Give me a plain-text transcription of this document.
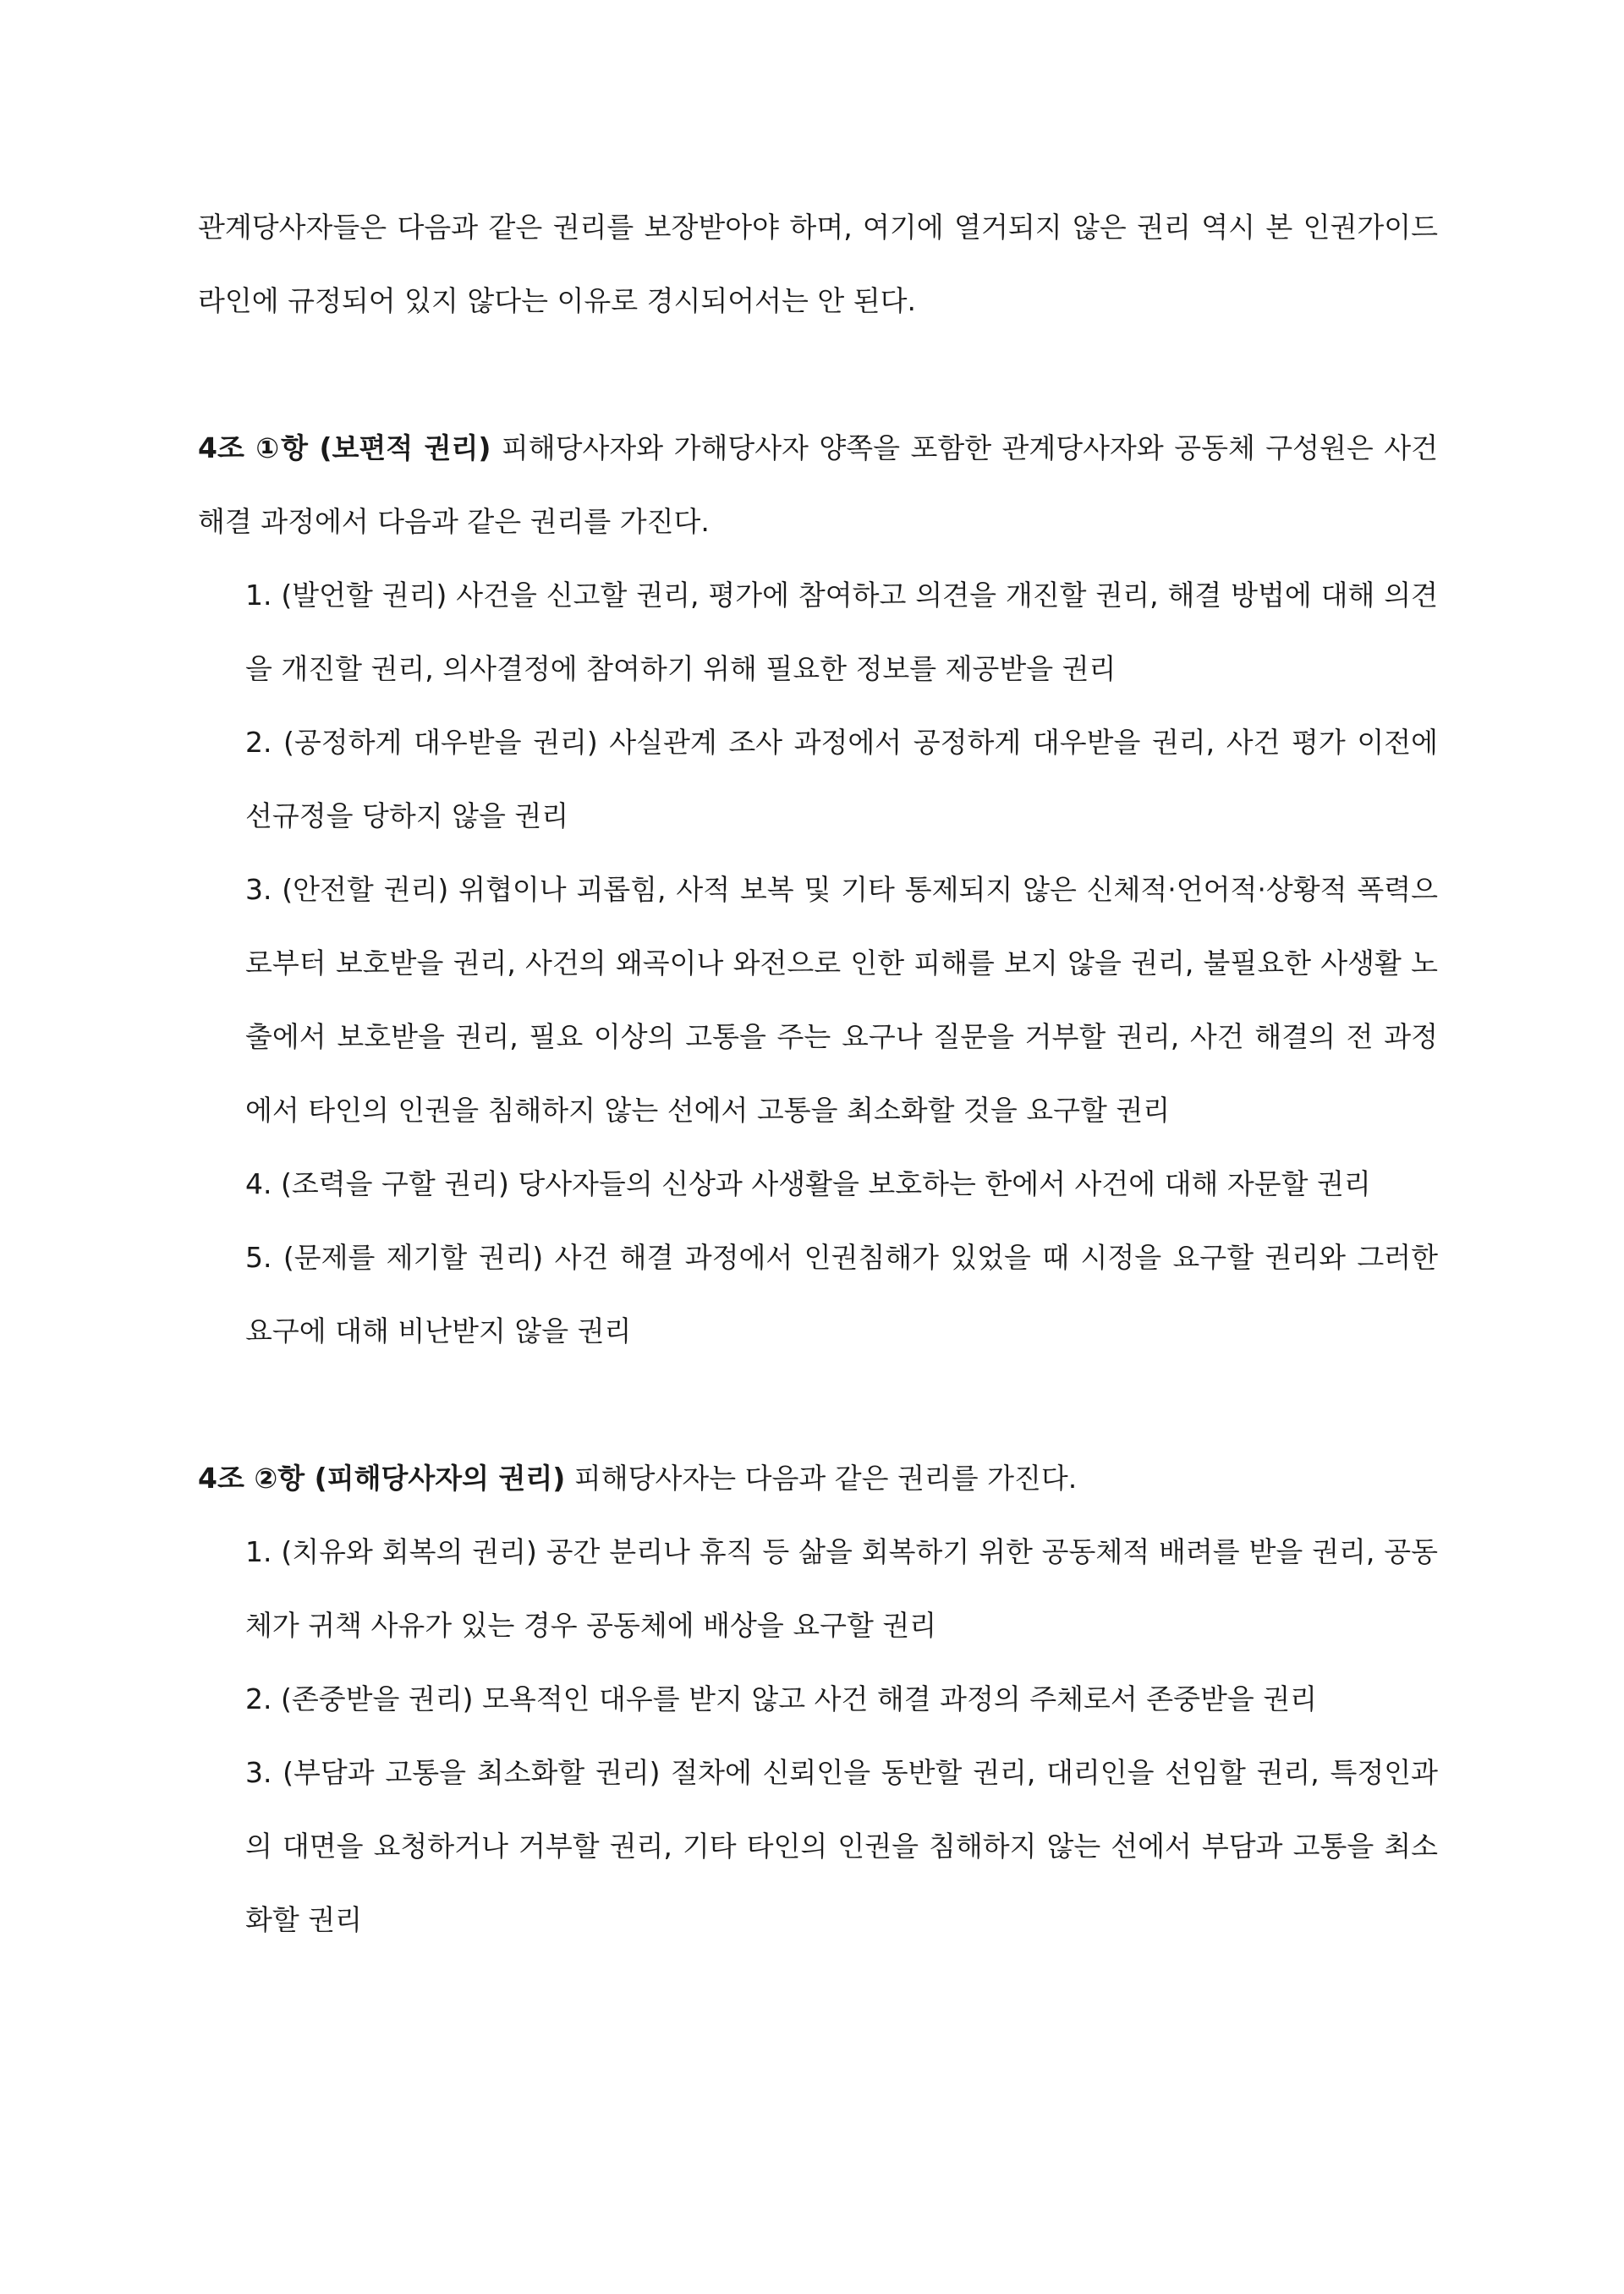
관계당사자들은 다음과 같은 권리를 보장받아야 하며, 여기에 열거되지 않은 권리 역시 본 인권가이드라인에 규정되어 있지 않다는 이유로 경시되어서는 안 된다.

4조 ①항 (보편적 권리) 피해당사자와 가해당사자 양쪽을 포함한 관계당사자와 공동체 구성원은 사건 해결 과정에서 다음과 같은 권리를 가진다.

1. (발언할 권리) 사건을 신고할 권리, 평가에 참여하고 의견을 개진할 권리, 해결 방법에 대해 의견을 개진할 권리, 의사결정에 참여하기 위해 필요한 정보를 제공받을 권리
2. (공정하게 대우받을 권리) 사실관계 조사 과정에서 공정하게 대우받을 권리, 사건 평가 이전에 선규정을 당하지 않을 권리
3. (안전할 권리) 위협이나 괴롭힘, 사적 보복 및 기타 통제되지 않은 신체적·언어적·상황적 폭력으로부터 보호받을 권리, 사건의 왜곡이나 와전으로 인한 피해를 보지 않을 권리, 불필요한 사생활 노출에서 보호받을 권리, 필요 이상의 고통을 주는 요구나 질문을 거부할 권리, 사건 해결의 전 과정에서 타인의 인권을 침해하지 않는 선에서 고통을 최소화할 것을 요구할 권리
4. (조력을 구할 권리) 당사자들의 신상과 사생활을 보호하는 한에서 사건에 대해 자문할 권리
5. (문제를 제기할 권리) 사건 해결 과정에서 인권침해가 있었을 때 시정을 요구할 권리와 그러한 요구에 대해 비난받지 않을 권리

4조 ②항 (피해당사자의 권리) 피해당사자는 다음과 같은 권리를 가진다.

1. (치유와 회복의 권리) 공간 분리나 휴직 등 삶을 회복하기 위한 공동체적 배려를 받을 권리, 공동체가 귀책 사유가 있는 경우 공동체에 배상을 요구할 권리
2. (존중받을 권리) 모욕적인 대우를 받지 않고 사건 해결 과정의 주체로서 존중받을 권리
3. (부담과 고통을 최소화할 권리) 절차에 신뢰인을 동반할 권리, 대리인을 선임할 권리, 특정인과의 대면을 요청하거나 거부할 권리, 기타 타인의 인권을 침해하지 않는 선에서 부담과 고통을 최소화할 권리
